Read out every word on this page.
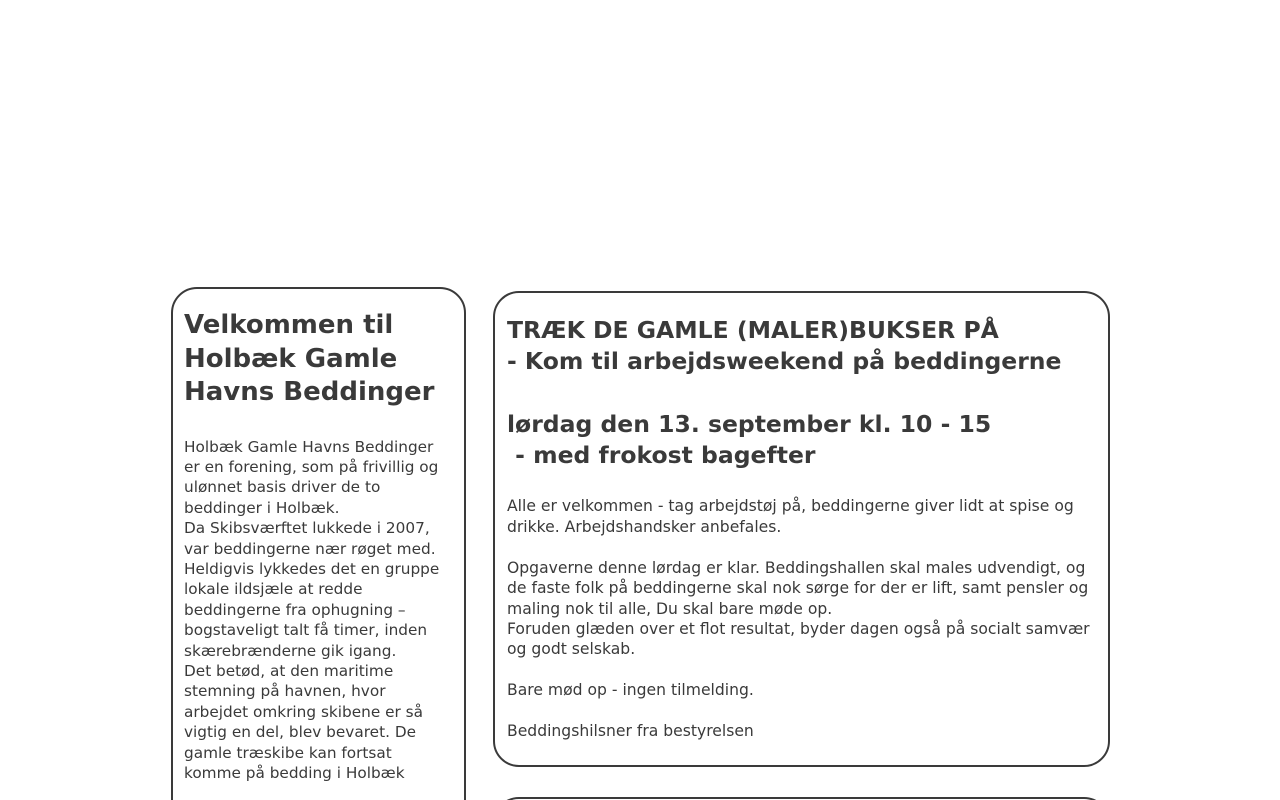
Velkommen til
Holbæk Gamle
Havns Beddinger

Holbæk Gamle Havns Beddinger er en forening, som på frivillig og ulønnet basis driver de to beddinger i Holbæk.

Da Skibsværftet lukkede i 2007, var beddingerne nær røget med. Heldigvis lykkedes det en gruppe lokale ildsjæle at redde beddingerne fra ophugning – bogstaveligt talt få timer, inden skærebrænderne gik igang.

Det betød, at den maritime stemning på havnen, hvor arbejdet omkring skibene er så vigtig en del, blev bevaret. De gamle træskibe kan fortsat komme på bedding i Holbæk

TRÆK DE GAMLE (MALER)BUKSER PÅ
- Kom til arbejdsweekend på beddingerne

lørdag den 13. september kl. 10 - 15
- med frokost bagefter

Alle er velkommen - tag arbejdstøj på, beddingerne giver lidt at spise og drikke. Arbejdshandsker anbefales.

Opgaverne denne lørdag er klar. Beddingshallen skal males udvendigt, og de faste folk på beddingerne skal nok sørge for der er lift, samt pensler og maling nok til alle, Du skal bare møde op.

Foruden glæden over et flot resultat, byder dagen også på socialt samvær og godt selskab.

Bare mød op - ingen tilmelding.

Beddingshilsner fra bestyrelsen
